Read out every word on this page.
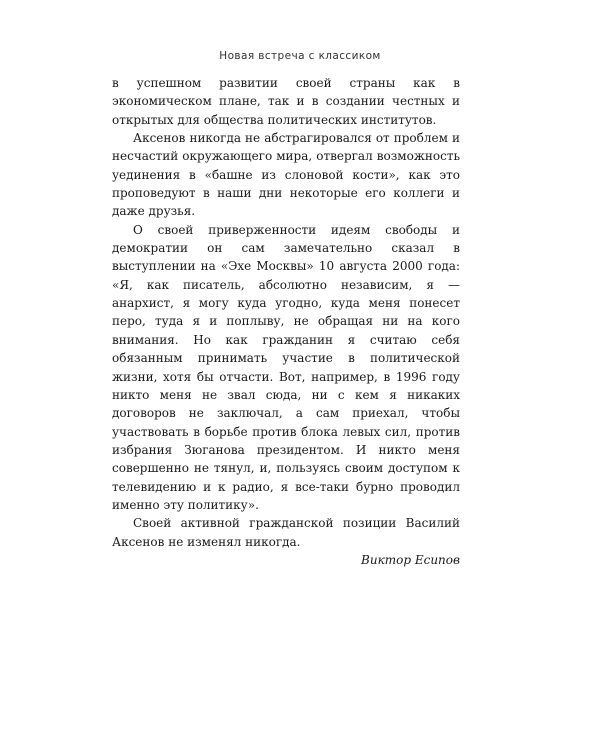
Новая встреча с классиком

в успешном развитии своей страны как в экономическом плане, так и в создании честных и открытых для общества политических институтов.

Аксенов никогда не абстрагировался от проблем и несчастий окружающего мира, отвергал возможность уединения в «башне из слоновой кости», как это проповедуют в наши дни некоторые его коллеги и даже друзья.

О своей приверженности идеям свободы и демократии он сам замечательно сказал в выступлении на «Эхе Москвы» 10 августа 2000 года: «Я, как писатель, абсолютно независим, я — анархист, я могу куда угодно, куда меня понесет перо, туда я и поплыву, не обращая ни на кого внимания. Но как гражданин я считаю себя обязанным принимать участие в политической жизни, хотя бы отчасти. Вот, например, в 1996 году никто меня не звал сюда, ни с кем я никаких договоров не заключал, а сам приехал, чтобы участвовать в борьбе против блока левых сил, против избрания Зюганова президентом. И никто меня совершенно не тянул, и, пользуясь своим доступом к телевидению и к радио, я все-таки бурно проводил именно эту политику».

Своей активной гражданской позиции Василий Аксенов не изменял никогда.

Виктор Есипов
